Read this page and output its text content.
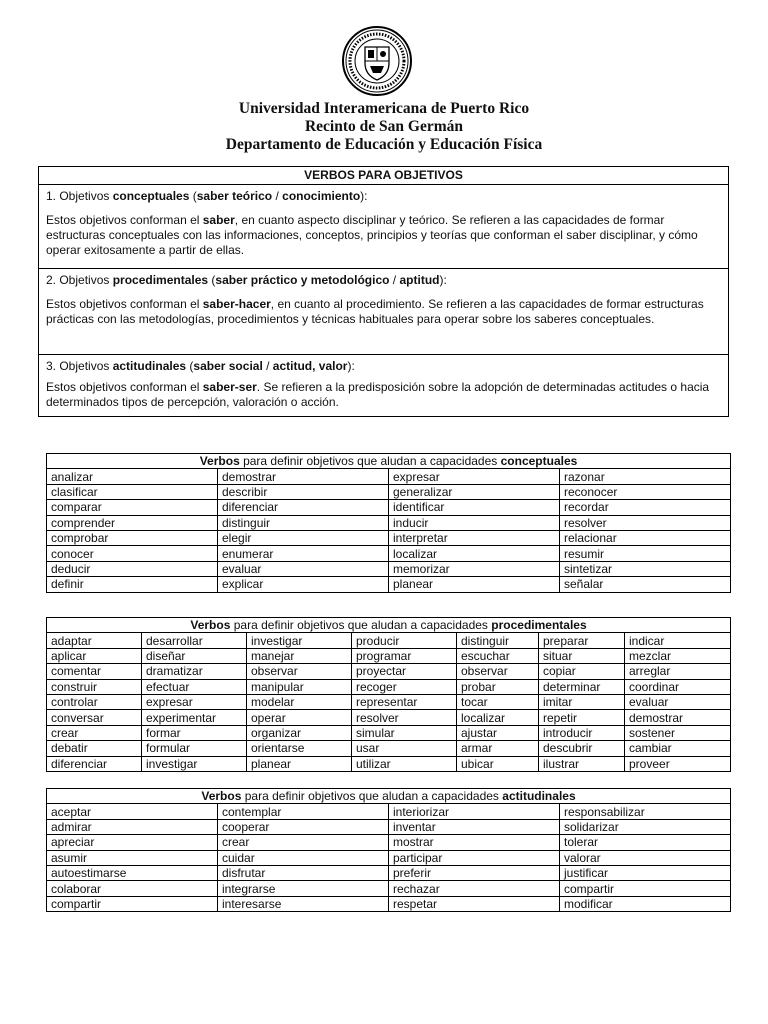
Universidad Interamericana de Puerto Rico
Recinto de San Germán
Departamento de Educación y Educación Física
VERBOS PARA OBJETIVOS
1. Objetivos conceptuales (saber teórico / conocimiento):

Estos objetivos conforman el saber, en cuanto aspecto disciplinar y teórico. Se refieren a las capacidades de formar estructuras conceptuales con las informaciones, conceptos, principios y teorías que conforman el saber disciplinar, y cómo operar exitosamente a partir de ellas.

2. Objetivos procedimentales (saber práctico y metodológico / aptitud):

Estos objetivos conforman el saber-hacer, en cuanto al procedimiento. Se refieren a las capacidades de formar estructuras prácticas con las metodologías, procedimientos y técnicas habituales para operar sobre los saberes conceptuales.

3. Objetivos actitudinales (saber social / actitud, valor):

Estos objetivos conforman el saber-ser. Se refieren a la predisposición sobre la adopción de determinadas actitudes o hacia determinados tipos de percepción, valoración o acción.

Verbos para definir objetivos que aludan a capacidades conceptuales			
analizar	demostrar	expresar	razonar
clasificar	describir	generalizar	reconocer
comparar	diferenciar	identificar	recordar
comprender	distinguir	inducir	resolver
comprobar	elegir	interpretar	relacionar
conocer	enumerar	localizar	resumir
deducir	evaluar	memorizar	sintetizar
definir	explicar	planear	señalar
Verbos para definir objetivos que aludan a capacidades procedimentales						
adaptar	desarrollar	investigar	producir	distinguir	preparar	indicar
aplicar	diseñar	manejar	programar	escuchar	situar	mezclar
comentar	dramatizar	observar	proyectar	observar	copiar	arreglar
construir	efectuar	manipular	recoger	probar	determinar	coordinar
controlar	expresar	modelar	representar	tocar	imitar	evaluar
conversar	experimentar	operar	resolver	localizar	repetir	demostrar
crear	formar	organizar	simular	ajustar	introducir	sostener
debatir	formular	orientarse	usar	armar	descubrir	cambiar
diferenciar	investigar	planear	utilizar	ubicar	ilustrar	proveer
Verbos para definir objetivos que aludan a capacidades actitudinales			
aceptar	contemplar	interiorizar	responsabilizar
admirar	cooperar	inventar	solidarizar
apreciar	crear	mostrar	tolerar
asumir	cuidar	participar	valorar
autoestimarse	disfrutar	preferir	justificar
colaborar	integrarse	rechazar	compartir
compartir	interesarse	respetar	modificar
